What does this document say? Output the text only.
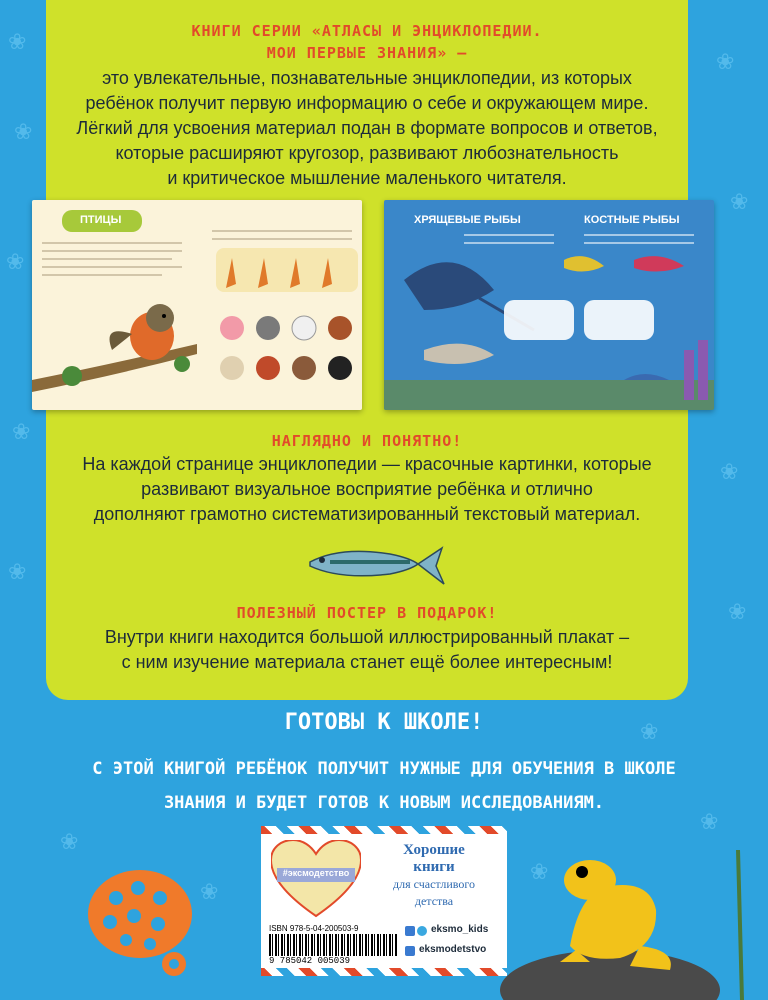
❀
❀
❀
❀
❀
❀
❀
❀
❀
❀
❀
❀
❀
❀
КНИГИ СЕРИИ «АТЛАСЫ И ЭНЦИКЛОПЕДИИ.
МОИ ПЕРВЫЕ ЗНАНИЯ» –
это увлекательные, познавательные энциклопедии, из которых
ребёнок получит первую информацию о себе и окружающем мире.
Лёгкий для усвоения материал подан в формате вопросов и ответов,
которые расширяют кругозор, развивают любознательность
и критическое мышление маленького читателя.
НАГЛЯДНО И ПОНЯТНО!
На каждой странице энциклопедии — красочные картинки, которые
развивают визуальное восприятие ребёнка и отлично
дополняют грамотно систематизированный текстовый материал.
ПОЛЕЗНЫЙ ПОСТЕР В ПОДАРОК!
Внутри книги находится большой иллюстрированный плакат –
с ним изучение материала станет ещё более интересным!
ПТИЦЫ	ХРЯЩЕВЫЕ РЫБЫ	КОСТНЫЕ РЫБЫ
ГОТОВЫ К ШКОЛЕ!
С ЭТОЙ КНИГОЙ РЕБЁНОК ПОЛУЧИТ НУЖНЫЕ ДЛЯ ОБУЧЕНИЯ В ШКОЛЕ
ЗНАНИЯ И БУДЕТ ГОТОВ К НОВЫМ ИССЛЕДОВАНИЯМ.
#эксмодетство
Хорошие
книги
для счастливого
детства
ISBN 978-5-04-200503-9
9 785042 005039
eksmo_kids
eksmodetstvo
